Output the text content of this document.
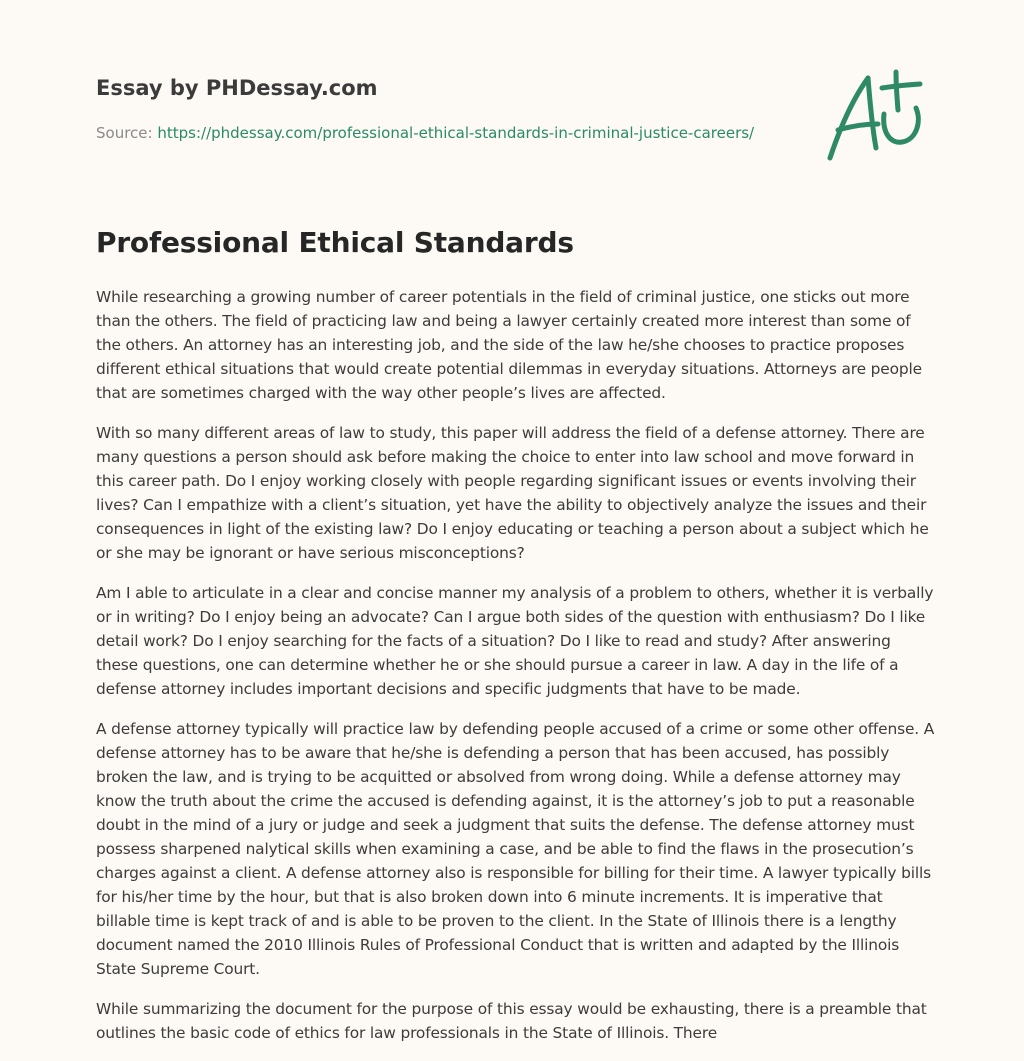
Essay by PHDessay.com

Source: https://phdessay.com/professional-ethical-standards-in-criminal-justice-careers/

Professional Ethical Standards

While researching a growing number of career potentials in the field of criminal justice, one sticks out more than the others. The field of practicing law and being a lawyer certainly created more interest than some of the others. An attorney has an interesting job, and the side of the law he/she chooses to practice proposes different ethical situations that would create potential dilemmas in everyday situations. Attorneys are people that are sometimes charged with the way other people’s lives are affected.

With so many different areas of law to study, this paper will address the field of a defense attorney. There are many questions a person should ask before making the choice to enter into law school and move forward in this career path. Do I enjoy working closely with people regarding significant issues or events involving their lives? Can I empathize with a client’s situation, yet have the ability to objectively analyze the issues and their consequences in light of the existing law? Do I enjoy educating or teaching a person about a subject which he or she may be ignorant or have serious misconceptions?

Am I able to articulate in a clear and concise manner my analysis of a problem to others, whether it is verbally or in writing? Do I enjoy being an advocate? Can I argue both sides of the question with enthusiasm? Do I like detail work? Do I enjoy searching for the facts of a situation? Do I like to read and study? After answering these questions, one can determine whether he or she should pursue a career in law. A day in the life of a defense attorney includes important decisions and specific judgments that have to be made.

A defense attorney typically will practice law by defending people accused of a crime or some other offense. A defense attorney has to be aware that he/she is defending a person that has been accused, has possibly broken the law, and is trying to be acquitted or absolved from wrong doing. While a defense attorney may know the truth about the crime the accused is defending against, it is the attorney’s job to put a reasonable doubt in the mind of a jury or judge and seek a judgment that suits the defense. The defense attorney must possess sharpened nalytical skills when examining a case, and be able to find the flaws in the prosecution’s charges against a client. A defense attorney also is responsible for billing for their time. A lawyer typically bills for his/her time by the hour, but that is also broken down into 6 minute increments. It is imperative that billable time is kept track of and is able to be proven to the client. In the State of Illinois there is a lengthy document named the 2010 Illinois Rules of Professional Conduct that is written and adapted by the Illinois State Supreme Court.

While summarizing the document for the purpose of this essay would be exhausting, there is a preamble that outlines the basic code of ethics for law professionals in the State of Illinois. There
